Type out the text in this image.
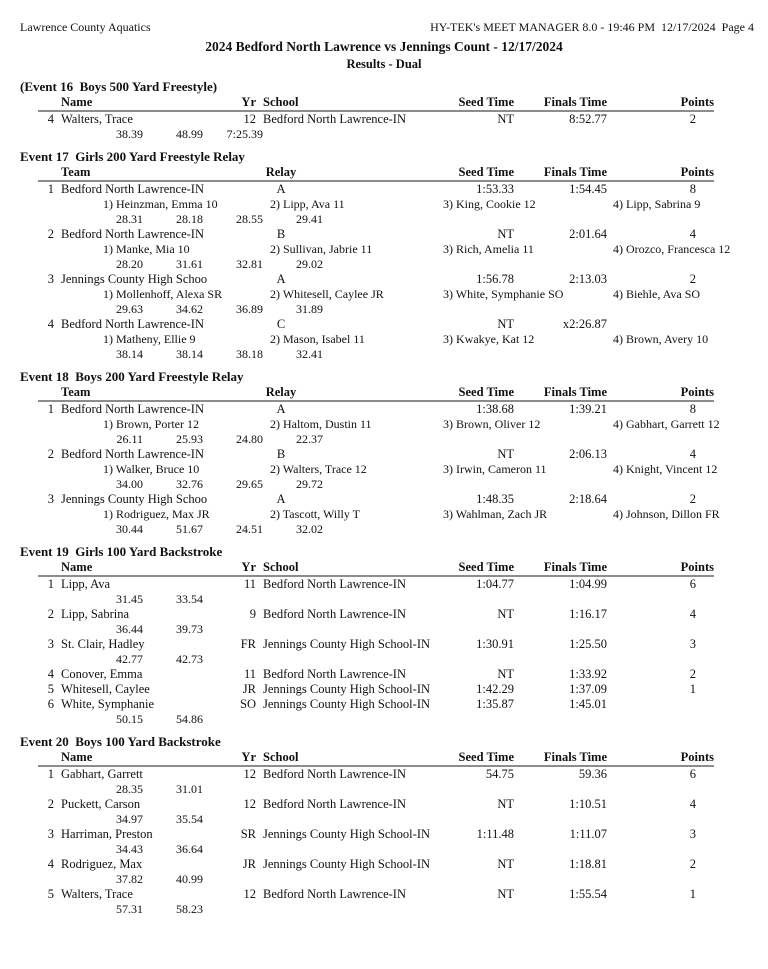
Lawrence County Aquatics	HY-TEK's MEET MANAGER 8.0 - 19:46 PM  12/17/2024  Page 4
2024 Bedford North Lawrence vs Jennings Count - 12/17/2024
Results - Dual
(Event 16  Boys 500 Yard Freestyle)
Name	Yr School	Seed Time	Finals Time	Points
4 Walters, Trace	12 Bedford North Lawrence-IN	NT	8:52.77	2
38.39	48.99 7:25.39
Event 17  Girls 200 Yard Freestyle Relay
Team	Relay	Seed Time	Finals Time	Points
1 Bedford North Lawrence-IN	A	1:53.33	1:54.45	8
1) Heinzman, Emma 10	2) Lipp, Ava 11	3) King, Cookie 12	4) Lipp, Sabrina 9
28.31	28.18	28.55	29.41
2 Bedford North Lawrence-IN	B	NT	2:01.64	4
1) Manke, Mia 10	2) Sullivan, Jabrie 11	3) Rich, Amelia 11	4) Orozco, Francesca 12
28.20	31.61	32.81	29.02
3 Jennings County High Schoo	A	1:56.78	2:13.03	2
1) Mollenhoff, Alexa SR	2) Whitesell, Caylee JR	3) White, Symphanie SO	4) Biehle, Ava SO
29.63	34.62	36.89	31.89
4 Bedford North Lawrence-IN	C	NT	x2:26.87
1) Matheny, Ellie 9	2) Mason, Isabel 11	3) Kwakye, Kat 12	4) Brown, Avery 10
38.14	38.14	38.18	32.41
Event 18  Boys 200 Yard Freestyle Relay
Team	Relay	Seed Time	Finals Time	Points
1 Bedford North Lawrence-IN	A	1:38.68	1:39.21	8
1) Brown, Porter 12	2) Haltom, Dustin 11	3) Brown, Oliver 12	4) Gabhart, Garrett 12
26.11	25.93	24.80	22.37
2 Bedford North Lawrence-IN	B	NT	2:06.13	4
1) Walker, Bruce 10	2) Walters, Trace 12	3) Irwin, Cameron 11	4) Knight, Vincent 12
34.00	32.76	29.65	29.72
3 Jennings County High Schoo	A	1:48.35	2:18.64	2
1) Rodriguez, Max JR	2) Tascott, Willy T	3) Wahlman, Zach JR	4) Johnson, Dillon FR
30.44	51.67	24.51	32.02
Event 19  Girls 100 Yard Backstroke
Name	Yr School	Seed Time	Finals Time	Points
1 Lipp, Ava	11 Bedford North Lawrence-IN	1:04.77	1:04.99	6
31.45	33.54
2 Lipp, Sabrina	9 Bedford North Lawrence-IN	NT	1:16.17	4
36.44	39.73
3 St. Clair, Hadley	FR Jennings County High School-IN	1:30.91	1:25.50	3
42.77	42.73
4 Conover, Emma	11 Bedford North Lawrence-IN	NT	1:33.92	2
5 Whitesell, Caylee	JR Jennings County High School-IN	1:42.29	1:37.09	1
6 White, Symphanie	SO Jennings County High School-IN	1:35.87	1:45.01
50.15	54.86
Event 20  Boys 100 Yard Backstroke
Name	Yr School	Seed Time	Finals Time	Points
1 Gabhart, Garrett	12 Bedford North Lawrence-IN	54.75	59.36	6
28.35	31.01
2 Puckett, Carson	12 Bedford North Lawrence-IN	NT	1:10.51	4
34.97	35.54
3 Harriman, Preston	SR Jennings County High School-IN	1:11.48	1:11.07	3
34.43	36.64
4 Rodriguez, Max	JR Jennings County High School-IN	NT	1:18.81	2
37.82	40.99
5 Walters, Trace	12 Bedford North Lawrence-IN	NT	1:55.54	1
57.31	58.23
